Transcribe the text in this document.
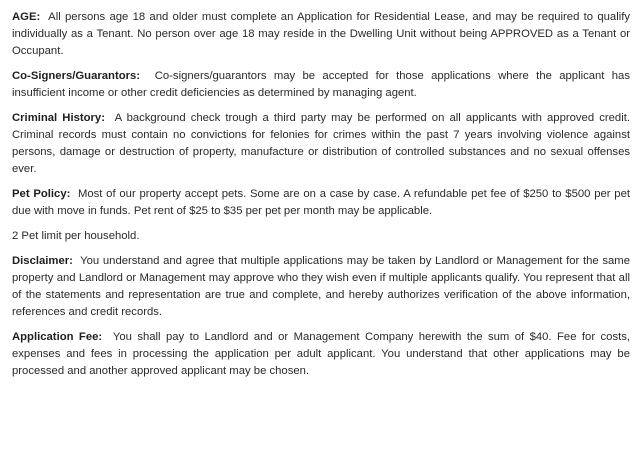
AGE: All persons age 18 and older must complete an Application for Residential Lease, and may be required to qualify individually as a Tenant. No person over age 18 may reside in the Dwelling Unit without being APPROVED as a Tenant or Occupant.

Co-Signers/Guarantors: Co-signers/guarantors may be accepted for those applications where the applicant has insufficient income or other credit deficiencies as determined by managing agent.

Criminal History: A background check trough a third party may be performed on all applicants with approved credit. Criminal records must contain no convictions for felonies for crimes within the past 7 years involving violence against persons, damage or destruction of property, manufacture or distribution of controlled substances and no sexual offenses ever.

Pet Policy: Most of our property accept pets. Some are on a case by case. A refundable pet fee of $250 to $500 per pet due with move in funds. Pet rent of $25 to $35 per pet per month may be applicable.

2 Pet limit per household.

Disclaimer: You understand and agree that multiple applications may be taken by Landlord or Management for the same property and Landlord or Management may approve who they wish even if multiple applicants qualify. You represent that all of the statements and representation are true and complete, and hereby authorizes verification of the above information, references and credit records.

Application Fee: You shall pay to Landlord and or Management Company herewith the sum of $40. Fee for costs, expenses and fees in processing the application per adult applicant. You understand that other applications may be processed and another approved applicant may be chosen.
